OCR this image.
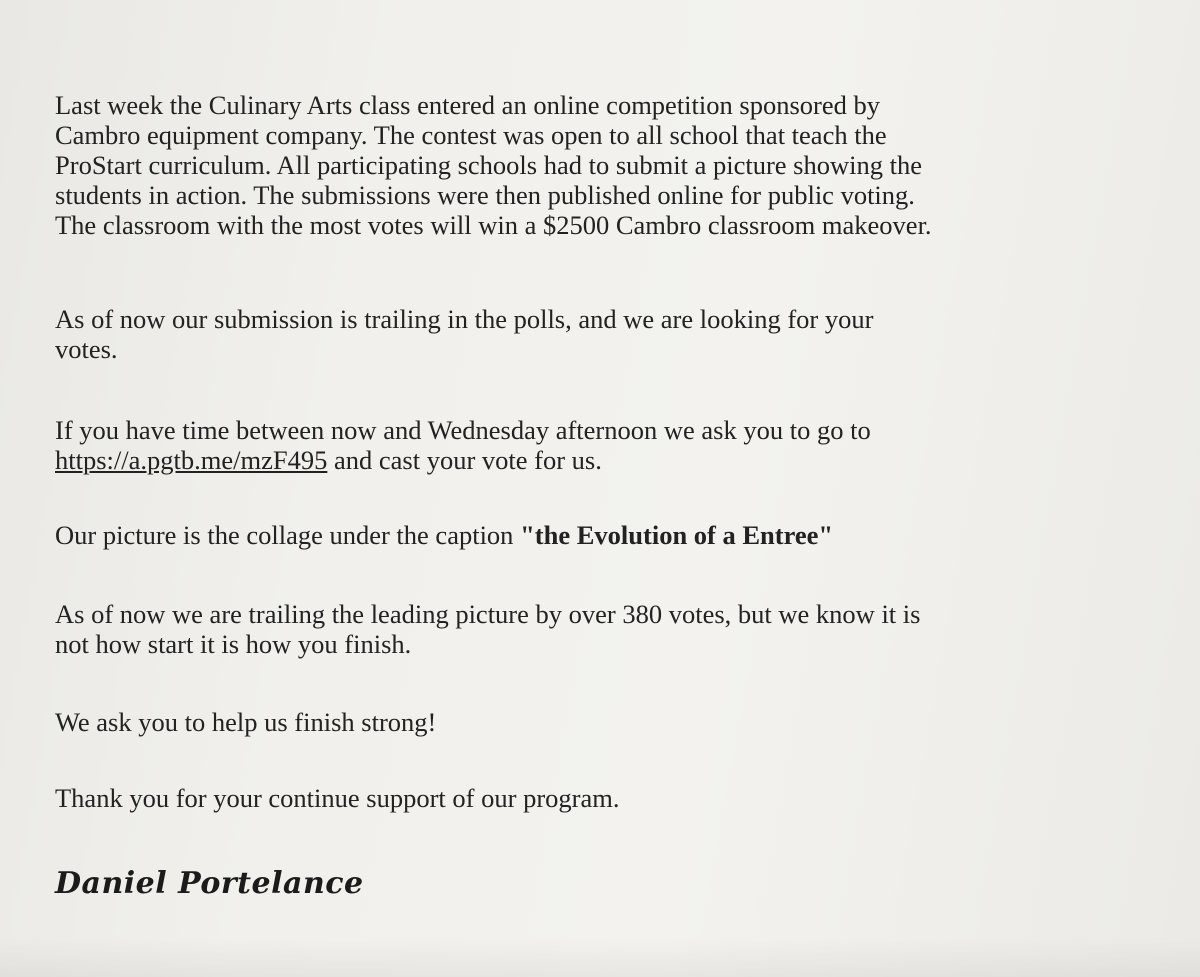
Last week the Culinary Arts class entered an online competition sponsored by
Cambro equipment company. The contest was open to all school that teach the
ProStart curriculum. All participating schools had to submit a picture showing the
students in action. The submissions were then published online for public voting.
The classroom with the most votes will win a $2500 Cambro classroom makeover.

As of now our submission is trailing in the polls, and we are looking for your
votes.

If you have time between now and Wednesday afternoon we ask you to go to
https://a.pgtb.me/mzF495 and cast your vote for us.

Our picture is the collage under the caption "the Evolution of a Entree"

As of now we are trailing the leading picture by over 380 votes, but we know it is
not how start it is how you finish.

We ask you to help us finish strong!

Thank you for your continue support of our program.

Daniel Portelance
